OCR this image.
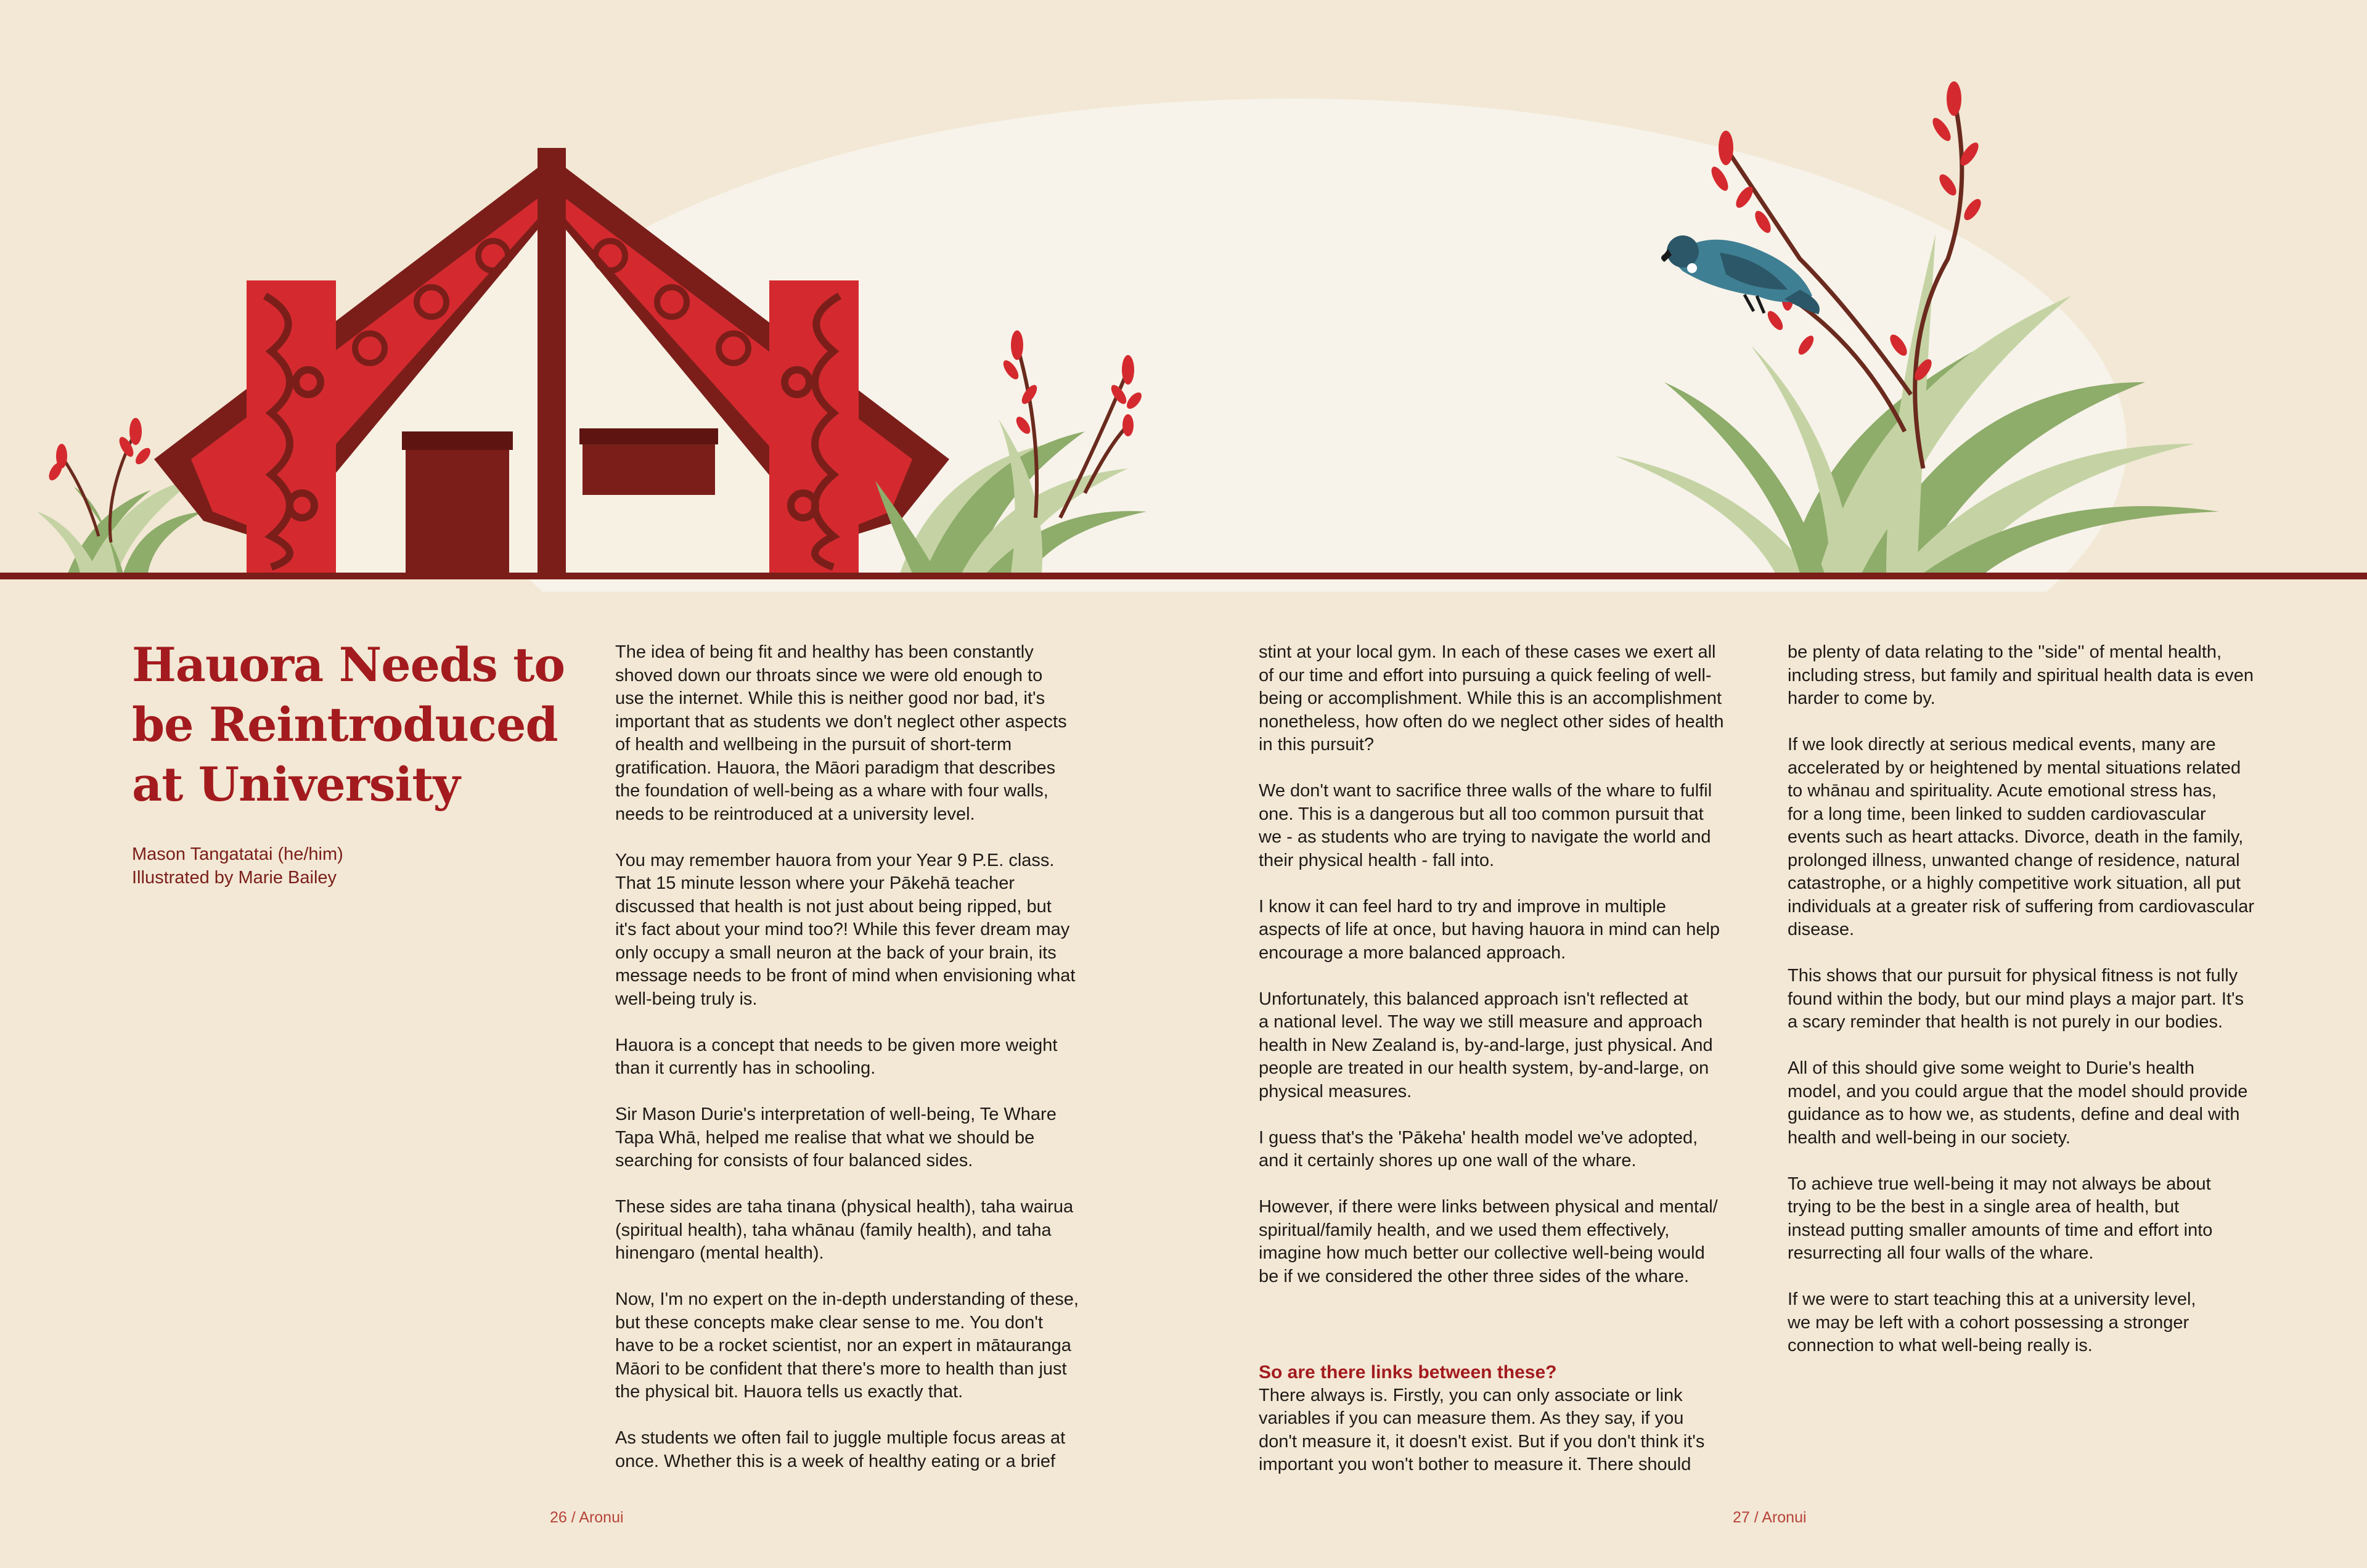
Hauora Needs to
be Reintroduced
at University
Mason Tangatatai (he/him)
Illustrated by Marie Bailey

The idea of being fit and healthy has been constantly
shoved down our throats since we were old enough to
use the internet. While this is neither good nor bad, it's
important that as students we don't neglect other aspects
of health and wellbeing in the pursuit of short-term
gratification. Hauora, the Māori paradigm that describes
the foundation of well-being as a whare with four walls,
needs to be reintroduced at a university level.

You may remember hauora from your Year 9 P.E. class.
That 15 minute lesson where your Pākehā teacher
discussed that health is not just about being ripped, but
it's fact about your mind too?! While this fever dream may
only occupy a small neuron at the back of your brain, its
message needs to be front of mind when envisioning what
well-being truly is.

Hauora is a concept that needs to be given more weight
than it currently has in schooling.

Sir Mason Durie's interpretation of well-being, Te Whare
Tapa Whā, helped me realise that what we should be
searching for consists of four balanced sides.

These sides are taha tinana (physical health), taha wairua
(spiritual health), taha whānau (family health), and taha
hinengaro (mental health).

Now, I'm no expert on the in-depth understanding of these,
but these concepts make clear sense to me. You don't
have to be a rocket scientist, nor an expert in mātauranga
Māori to be confident that there's more to health than just
the physical bit. Hauora tells us exactly that.

As students we often fail to juggle multiple focus areas at
once. Whether this is a week of healthy eating or a brief

stint at your local gym. In each of these cases we exert all
of our time and effort into pursuing a quick feeling of well-
being or accomplishment. While this is an accomplishment
nonetheless, how often do we neglect other sides of health
in this pursuit?

We don't want to sacrifice three walls of the whare to fulfil
one. This is a dangerous but all too common pursuit that
we - as students who are trying to navigate the world and
their physical health - fall into.

I know it can feel hard to try and improve in multiple
aspects of life at once, but having hauora in mind can help
encourage a more balanced approach.

Unfortunately, this balanced approach isn't reflected at
a national level. The way we still measure and approach
health in New Zealand is, by-and-large, just physical. And
people are treated in our health system, by-and-large, on
physical measures.

I guess that's the 'Pākeha' health model we've adopted,
and it certainly shores up one wall of the whare.

However, if there were links between physical and mental/
spiritual/family health, and we used them effectively,
imagine how much better our collective well-being would
be if we considered the other three sides of the whare.

So are there links between these?

There always is. Firstly, you can only associate or link
variables if you can measure them. As they say, if you
don't measure it, it doesn't exist. But if you don't think it's
important you won't bother to measure it. There should

be plenty of data relating to the ''side'' of mental health,
including stress, but family and spiritual health data is even
harder to come by.

If we look directly at serious medical events, many are
accelerated by or heightened by mental situations related
to whānau and spirituality. Acute emotional stress has,
for a long time, been linked to sudden cardiovascular
events such as heart attacks. Divorce, death in the family,
prolonged illness, unwanted change of residence, natural
catastrophe, or a highly competitive work situation, all put
individuals at a greater risk of suffering from cardiovascular
disease.

This shows that our pursuit for physical fitness is not fully
found within the body, but our mind plays a major part. It's
a scary reminder that health is not purely in our bodies.

All of this should give some weight to Durie's health
model, and you could argue that the model should provide
guidance as to how we, as students, define and deal with
health and well-being in our society.

To achieve true well-being it may not always be about
trying to be the best in a single area of health, but
instead putting smaller amounts of time and effort into
resurrecting all four walls of the whare.

If we were to start teaching this at a university level,
we may be left with a cohort possessing a stronger
connection to what well-being really is.

26 / Aronui	27 / Aronui
